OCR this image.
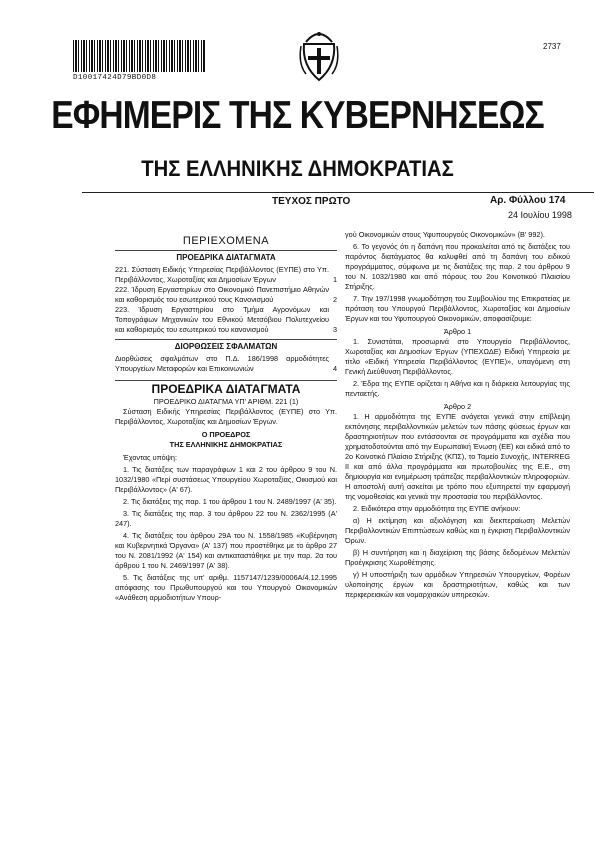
D10017424D79BD0D8
2737
ΕΦΗΜΕΡΙΣ ΤΗΣ ΚΥΒΕΡΝΗΣΕΩΣ
ΤΗΣ ΕΛΛΗΝΙΚΗΣ ΔΗΜΟΚΡΑΤΙΑΣ
ΤΕΥΧΟΣ ΠΡΩΤΟ	Αρ. Φύλλου 174
24 Ιουλίου 1998
ΠΕΡΙΕΧΟΜΕΝΑ
ΠΡΟΕΔΡΙΚΑ ΔΙΑΤΑΓΜΑΤΑ
221. Σύσταση Ειδικής Υπηρεσίας Περιβάλλοντος (ΕΥΠΕ) στο Υπ. Περιβάλλοντος, Χωροταξίας και Δημοσίων Έργων	1
222. Ίδρυση Εργαστηρίων στο Οικονομικό Πανεπιστήμιο Αθηνών και καθορισμός του εσωτερικού τους Κανονισμού	2
223. Ίδρυση Εργαστηρίου στο Τμήμα Αγρονόμων και Τοπογράφων Μηχανικών του Εθνικού Μετσόβιου Πολυτεχνείου και καθορισμός του εσωτερικού του κανονισμού	3
ΔΙΟΡΘΩΣΕΙΣ ΣΦΑΛΜΑΤΩΝ
Διορθώσεις σφαλμάτων στο Π.Δ. 186/1998 αρμοδιότητες Υπουργείων Μεταφορών και Επικοινωνιών	4
ΠΡΟΕΔΡΙΚΑ ΔΙΑΤΑΓΜΑΤΑ
ΠΡΟΕΔΡΙΚΟ ΔΙΑΤΑΓΜΑ ΥΠ' ΑΡΙΘΜ. 221 (1)

Σύσταση Ειδικής Υπηρεσίας Περιβάλλοντος (ΕΥΠΕ) στο Υπ. Περιβάλλοντος, Χωροταξίας και Δημοσίων Έργων.

Ο ΠΡΟΕΔΡΟΣ
ΤΗΣ ΕΛΛΗΝΙΚΗΣ ΔΗΜΟΚΡΑΤΙΑΣ

Έχοντας υπόψη:

1. Τις διατάξεις των παραγράφων 1 και 2 του άρθρου 9 του Ν. 1032/1980 «Περί συστάσεως Υπουργείου Χωροταξίας, Οικισμού και Περιβάλλοντος» (Α' 67).

2. Τις διατάξεις της παρ. 1 του άρθρου 1 του Ν. 2489/1997 (Α' 35).

3. Τις διατάξεις της παρ. 3 του άρθρου 22 του Ν. 2362/1995 (Α' 247).

4. Τις διατάξεις του άρθρου 29Α του Ν. 1558/1985 «Κυβέρνηση και Κυβερνητικά Όργανα» (Α' 137) που προστέθηκε με το άρθρο 27 του Ν. 2081/1992 (Α' 154) και αντικαταστάθηκε με την παρ. 2α του άρθρου 1 του Ν. 2469/1997 (Α' 38).

5. Τις διατάξεις της υπ' αριθμ. 1157147/1239/0006Α/4.12.1995 απόφασης του Πρωθυπουργού και του Υπουργού Οικονομικών «Ανάθεση αρμοδιοτήτων Υπουρ-

γού Οικονομικών στους Υφυπουργούς Οικονομικών» (Β' 992).

6. Το γεγονός ότι η δαπάνη που προκαλείται από τις διατάξεις του παρόντος διατάγματος θα καλυφθεί από τη δαπάνη του ειδικού προγράμματος, σύμφωνα με τις διατάξεις της παρ. 2 του άρθρου 9 του Ν. 1032/1980 και από πόρους του 2ου Κοινοτικού Πλαισίου Στήριξης.

7. Την 197/1998 γνωμοδότηση του Συμβουλίου της Επικρατείας με πρόταση του Υπουργού Περιβάλλοντος, Χωροταξίας και Δημοσίων Έργων και του Υφυπουργού Οικονομικών, αποφασίζουμε:

Άρθρο 1

1. Συνιστάται, προσωρινά στο Υπουργείο Περιβάλλοντος, Χωροταξίας και Δημοσίων Έργων (ΥΠΕΧΩΔΕ) Ειδική Υπηρεσία με τίτλο «Ειδική Υπηρεσία Περιβάλλοντος (ΕΥΠΕ)», υπαγόμενη στη Γενική Διεύθυνση Περιβάλλοντος.

2. Έδρα της ΕΥΠΕ ορίζεται η Αθήνα και η διάρκεια λειτουργίας της πενταετής.

Άρθρο 2

1. Η αρμοδιότητα της ΕΥΠΕ ανάγεται γενικά στην επίβλεψη εκπόνησης περιβαλλοντικών μελετών των πάσης φύσεως έργων και δραστηριοτήτων που εντάσσονται σε προγράμματα και σχέδια που χρηματοδοτούνται από την Ευρωπαϊκή Ένωση (ΕΕ) και ειδικά από το 2ο Κοινοτικό Πλαίσιο Στήριξης (ΚΠΣ), το Ταμείο Συνοχής, ΙΝΤΕRREG II και από άλλα προγράμματα και πρωτοβουλίες της Ε.Ε., στη δημιουργία και ενημέρωση τράπεζας περιβαλλοντικών πληροφοριών. Η αποστολή αυτή ασκείται με τρόπο που εξυπηρετεί την εφαρμογή της νομοθεσίας και γενικά την προστασία του περιβάλλοντος.

2. Ειδικότερα στην αρμοδιότητα της ΕΥΠΕ ανήκουν:

α) Η εκτίμηση και αξιολόγηση και διεκπεραίωση Μελετών Περιβαλλοντικών Επιπτώσεων καθώς και η έγκριση Περιβαλλοντικών Όρων.

β) Η συντήρηση και η διαχείριση της βάσης δεδομένων Μελετών Προέγκρισης Χωροθέτησης.

γ) Η υποστήριξη των αρμόδιων Υπηρεσιών Υπουργείων, Φορέων υλοποίησης έργων και δραστηριοτήτων, καθώς και των περιφερειακών και νομαρχιακών υπηρεσιών.
